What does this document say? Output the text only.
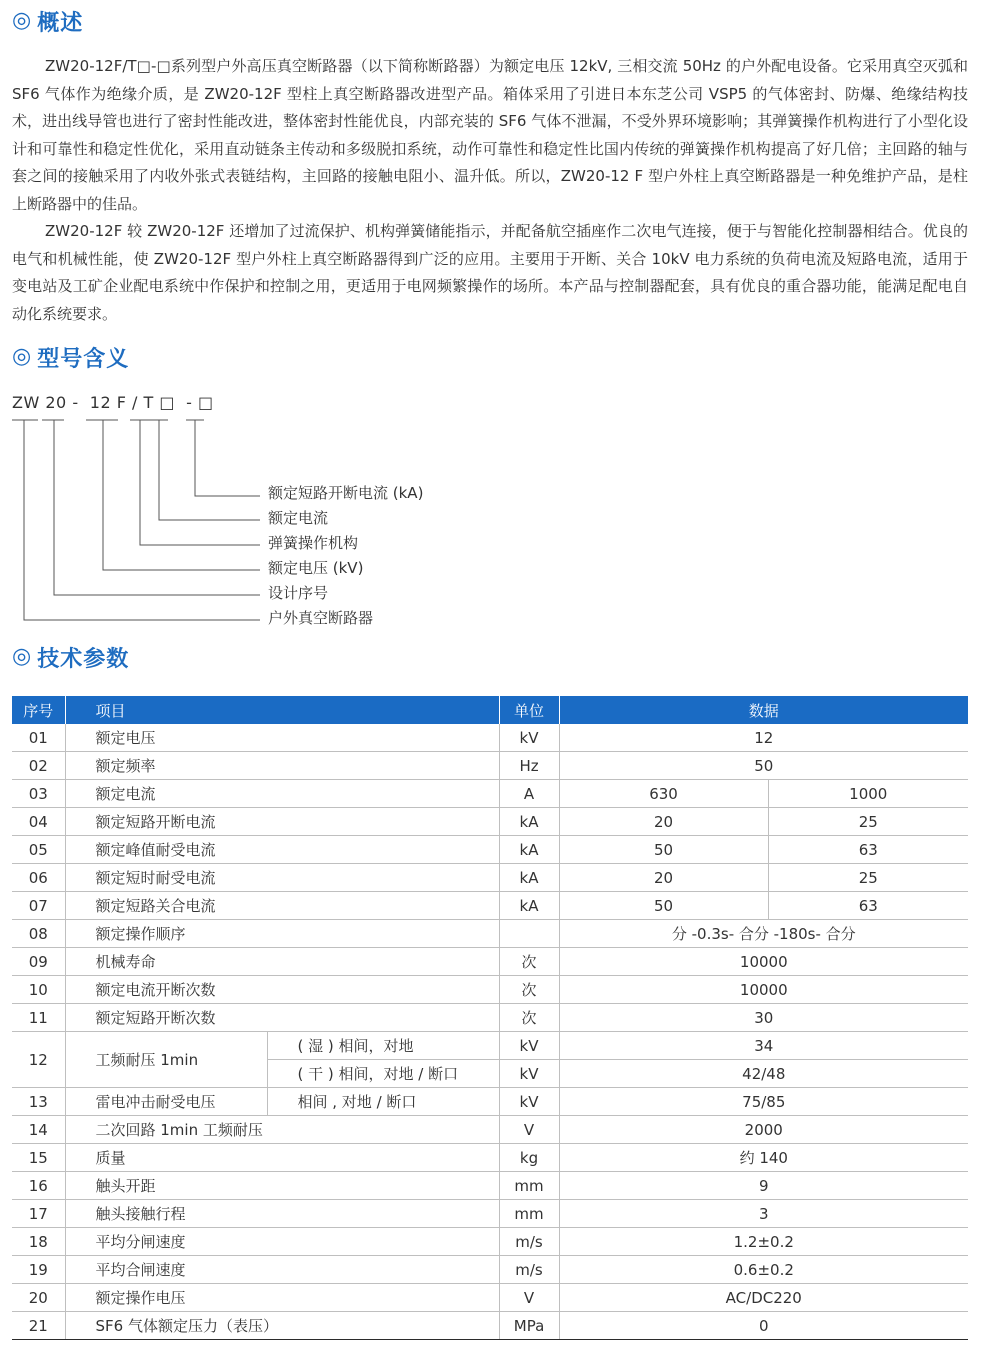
◎ 概述
ZW20-12F/T□-□系列型户外高压真空断路器（以下简称断路器）为额定电压 12kV, 三相交流 50Hz 的户外配电设备。它采用真空灭弧和 SF6 气体作为绝缘介质，是 ZW20-12F 型柱上真空断路器改进型产品。箱体采用了引进日本东芝公司 VSP5 的气体密封、防爆、绝缘结构技术，进出线导管也进行了密封性能改进，整体密封性能优良，内部充装的 SF6 气体不泄漏，不受外界环境影响；其弹簧操作机构进行了小型化设计和可靠性和稳定性优化，采用直动链条主传动和多级脱扣系统，动作可靠性和稳定性比国内传统的弹簧操作机构提高了好几倍；主回路的轴与套之间的接触采用了内收外张式表链结构，主回路的接触电阻小、温升低。所以，ZW20-12 F 型户外柱上真空断路器是一种免维护产品，是柱上断路器中的佳品。
ZW20-12F 较 ZW20-12F 还增加了过流保护、机构弹簧储能指示，并配备航空插座作二次电气连接，便于与智能化控制器相结合。优良的电气和机械性能，使 ZW20-12F 型户外柱上真空断路器得到广泛的应用。主要用于开断、关合 10kV 电力系统的负荷电流及短路电流，适用于变电站及工矿企业配电系统中作保护和控制之用，更适用于电网频繁操作的场所。本产品与控制器配套，具有优良的重合器功能，能满足配电自动化系统要求。
◎ 型号含义
ZW 20 -  12 F / T □  - □
额定短路开断电流 (kA)
额定电流
弹簧操作机构
额定电压 (kV)
设计序号
户外真空断路器
◎ 技术参数
序号	项目		单位	数据	
01	额定电压		kV	12	
02	额定频率		Hz	50	
03	额定电流		A	630	1000
04	额定短路开断电流		kA	20	25
05	额定峰值耐受电流		kA	50	63
06	额定短时耐受电流		kA	20	25
07	额定短路关合电流		kA	50	63
08	额定操作顺序			分 -0.3s- 合分 -180s- 合分	
09	机械寿命		次	10000	
10	额定电流开断次数		次	10000	
11	额定短路开断次数		次	30	
12	工频耐压 1min	( 湿 ) 相间，对地	kV	34	
		( 干 ) 相间，对地 / 断口	kV	42/48	
13	雷电冲击耐受电压	相间 , 对地 / 断口	kV	75/85	
14	二次回路 1min 工频耐压		V	2000	
15	质量		kg	约 140	
16	触头开距		mm	9	
17	触头接触行程		mm	3	
18	平均分闸速度		m/s	1.2±0.2	
19	平均合闸速度		m/s	0.6±0.2	
20	额定操作电压		V	AC/DC220	
21	SF6 气体额定压力（表压）		MPa	0	
